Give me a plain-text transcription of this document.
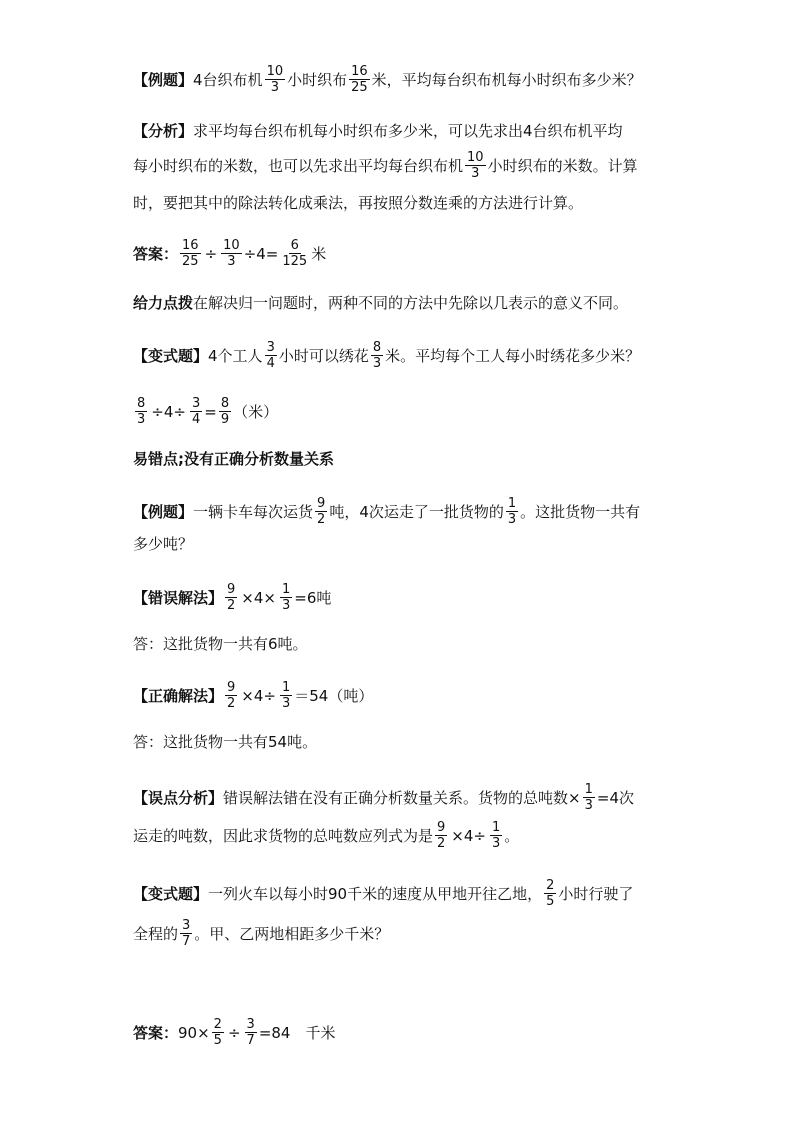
【例题】 4台织布机 $\frac{10}{3}$ 小时织布 $\frac{16}{25}$ 米，平均每台织布机每小时织布多少米？
【分析】 求平均每台织布机每小时织布多少米，可以先求出4台织布机平均
每小时织布的米数，也可以先求出平均每台织布机 $\frac{10}{3}$ 小时织布的米数。计算
时，要把其中的除法转化成乘法，再按照分数连乘的方法进行计算。
答案： $\frac{16}{25} \div \frac{10}{3} \div 4= \frac{6}{125}$ 米
给力点拨 在解决归一问题时，两种不同的方法中先除以几表示的意义不同。
【变式题】 4个工人 $\frac{3}{4}$ 小时可以绣花 $\frac{8}{3}$ 米。平均每个工人每小时绣花多少米？
$\frac{8}{3} \div 4\div \frac{3}{4} = \frac{8}{9}$ （米）
易错点;没有正确分析数量关系
【例题】 一辆卡车每次运货 $\frac{9}{2}$ 吨，4次运走了一批货物的 $\frac{1}{3}$ 。这批货物一共有
多少吨？
【错误解法】 $\frac{9}{2} \times 4\times \frac{1}{3} =6$吨
答：这批货物一共有6吨。
【正确解法】 $\frac{9}{2} \times 4\div \frac{1}{3} =54$（吨）
答：这批货物一共有54吨。
【误点分析】 错误解法错在没有正确分析数量关系。货物的总吨数× $\frac{1}{3} =4$次
运走的吨数，因此求货物的总吨数应列式为是 $\frac{9}{2} \times 4\div \frac{1}{3}$ 。
【变式题】 一列火车以每小时90千米的速度从甲地开往乙地， $\frac{2}{5}$ 小时行驶了
全程的 $\frac{3}{7}$ 。甲、乙两地相距多少千米？
答案： $90\times \frac{2}{5} \div \frac{3}{7} =84$　千米
